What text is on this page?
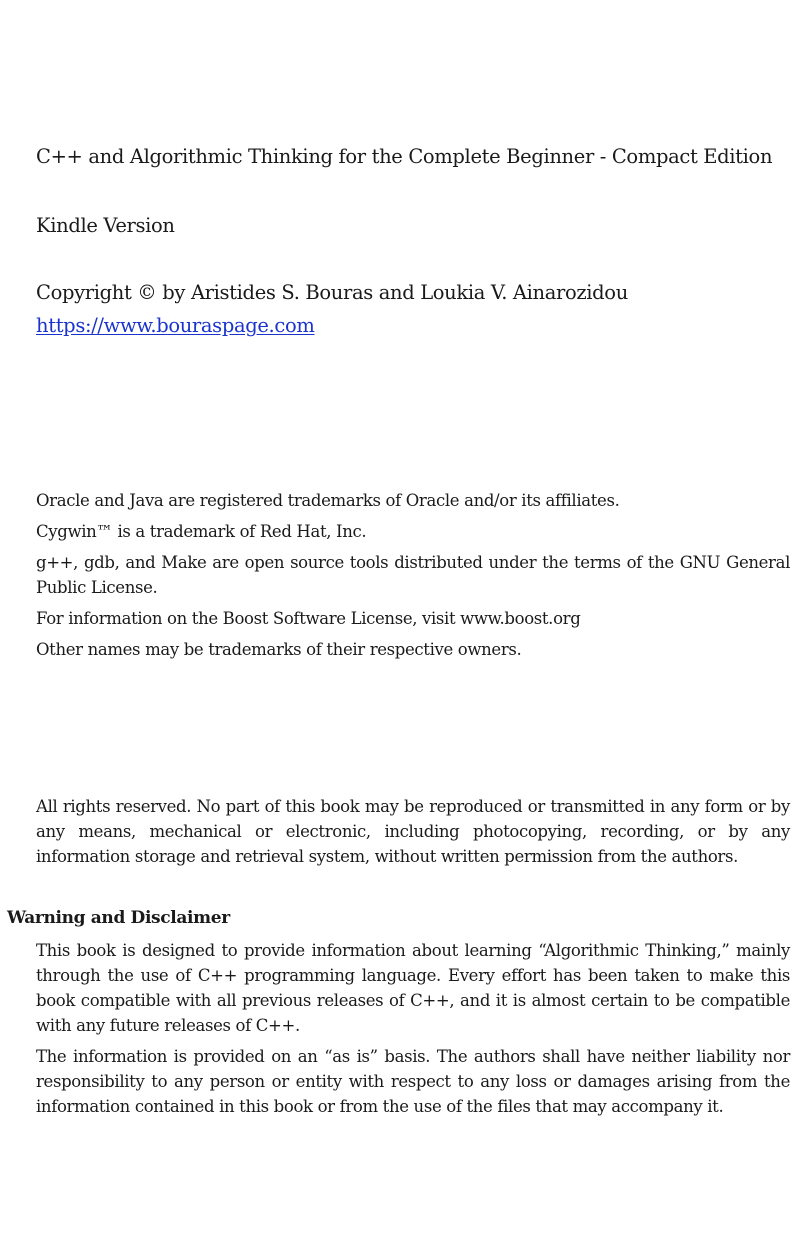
C++ and Algorithmic Thinking for the Complete Beginner - Compact Edition
Kindle Version
Copyright © by Aristides S. Bouras and Loukia V. Ainarozidou
https://www.bouraspage.com

Oracle and Java are registered trademarks of Oracle and/or its affiliates.

Cygwin™ is a trademark of Red Hat, Inc.

g++, gdb, and Make are open source tools distributed under the terms of the GNU General Public License.

For information on the Boost Software License, visit www.boost.org

Other names may be trademarks of their respective owners.

All rights reserved. No part of this book may be reproduced or transmitted in any form or by any means, mechanical or electronic, including photocopying, recording, or by any information storage and retrieval system, without written permission from the authors.

Warning and Disclaimer

This book is designed to provide information about learning “Algorithmic Thinking,” mainly through the use of C++ programming language. Every effort has been taken to make this book compatible with all previous releases of C++, and it is almost certain to be compatible with any future releases of C++.

The information is provided on an “as is” basis. The authors shall have neither liability nor responsibility to any person or entity with respect to any loss or damages arising from the information contained in this book or from the use of the files that may accompany it.
